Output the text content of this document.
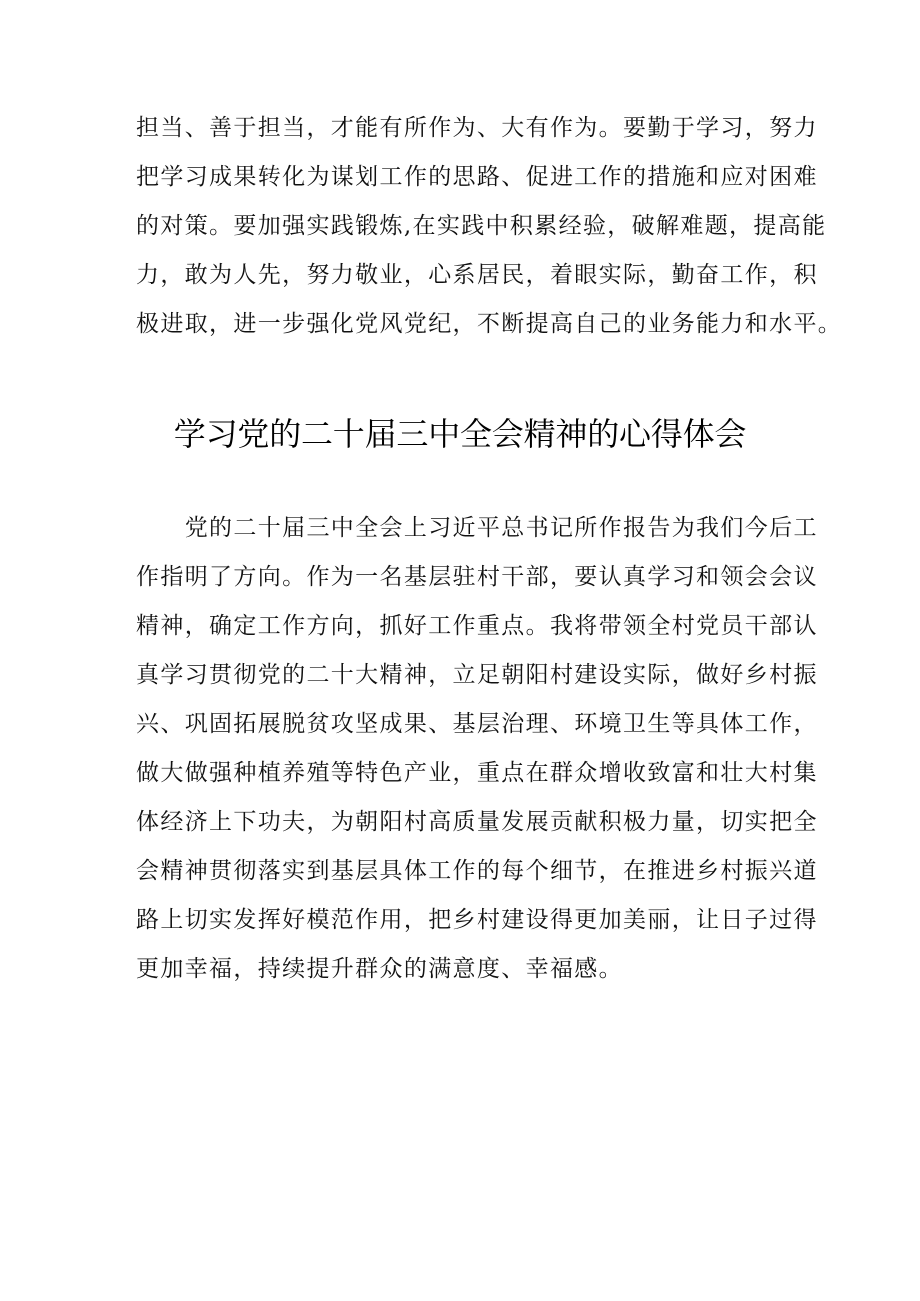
担当、善于担当，才能有所作为、大有作为。要勤于学习，努力
把学习成果转化为谋划工作的思路、促进工作的措施和应对困难
的对策。要加强实践锻炼,在实践中积累经验，破解难题，提高能
力，敢为人先，努力敬业，心系居民，着眼实际，勤奋工作，积
极进取，进一步强化党风党纪，不断提高自己的业务能力和水平。
学习党的二十届三中全会精神的心得体会
　　党的二十届三中全会上习近平总书记所作报告为我们今后工
作指明了方向。作为一名基层驻村干部，要认真学习和领会会议
精神，确定工作方向，抓好工作重点。我将带领全村党员干部认
真学习贯彻党的二十大精神，立足朝阳村建设实际，做好乡村振
兴、巩固拓展脱贫攻坚成果、基层治理、环境卫生等具体工作，
做大做强种植养殖等特色产业，重点在群众增收致富和壮大村集
体经济上下功夫，为朝阳村高质量发展贡献积极力量，切实把全
会精神贯彻落实到基层具体工作的每个细节，在推进乡村振兴道
路上切实发挥好模范作用，把乡村建设得更加美丽，让日子过得
更加幸福，持续提升群众的满意度、幸福感。
